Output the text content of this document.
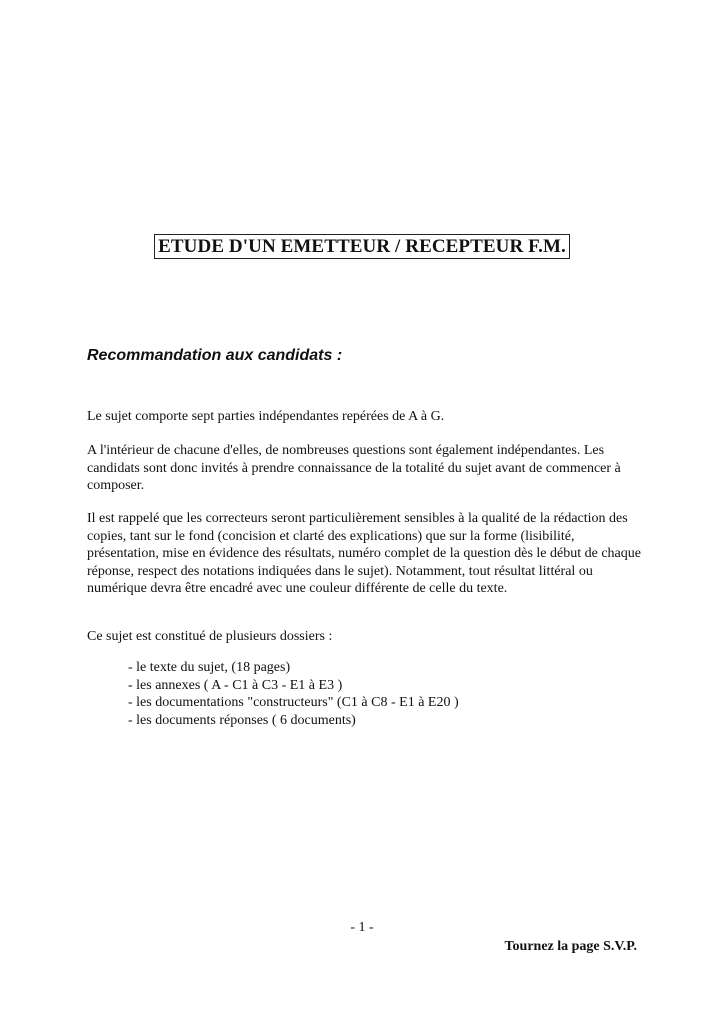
ETUDE D'UN EMETTEUR / RECEPTEUR F.M.
Recommandation aux candidats :
Le sujet comporte sept parties indépendantes repérées de A à G.
A l'intérieur de chacune d'elles, de nombreuses questions sont également indépendantes. Les candidats sont donc invités à prendre connaissance de la totalité du sujet avant de commencer à composer.
Il est rappelé que les correcteurs seront particulièrement sensibles à la qualité de la rédaction des copies, tant sur le fond (concision et clarté des explications) que sur la forme (lisibilité, présentation, mise en évidence des résultats, numéro complet de la question dès le début de chaque réponse, respect des notations indiquées dans le sujet). Notamment, tout résultat littéral ou numérique devra être encadré avec une couleur différente de celle du texte.
Ce sujet est constitué de plusieurs dossiers :
- le texte du sujet, (18 pages)
- les annexes ( A - C1 à C3 - E1 à E3 )
- les documentations "constructeurs" (C1 à C8 - E1 à E20 )
- les documents réponses ( 6 documents)
- 1 -
Tournez la page S.V.P.
